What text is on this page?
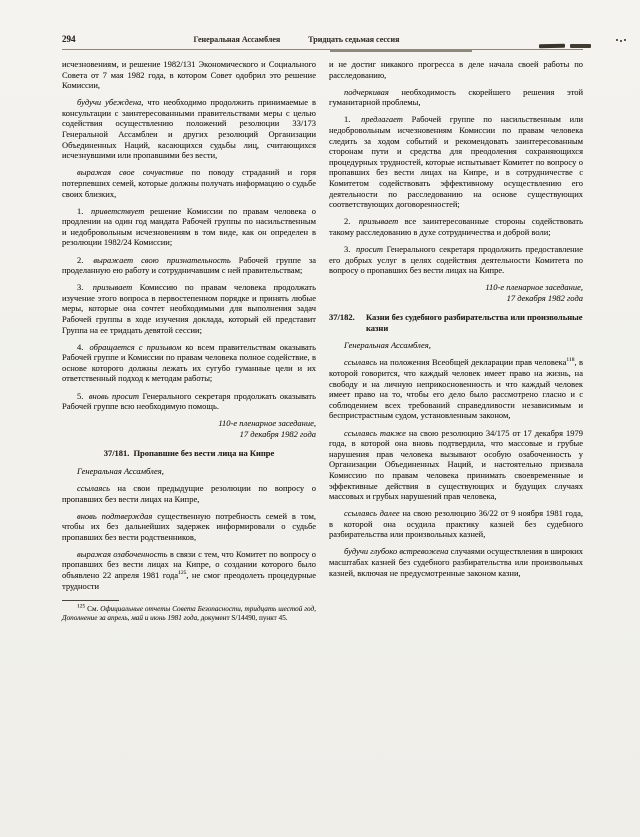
294	Генеральная Ассамблея	Тридцать седьмая сессия

исчезновениям, и решение 1982/131 Экономического и Социального Совета от 7 мая 1982 года, в котором Совет одобрил это решение Комиссии,

будучи убеждена, что необходимо продолжить принимаемые в консультации с заинтересованными правительствами меры с целью содействия осуществлению положений резолюции 33/173 Генеральной Ассамблеи и других резолюций Организации Объединенных Наций, касающихся судьбы лиц, считающихся исчезнувшими или пропавшими без вести,

выражая свое сочувствие по поводу страданий и горя потерпевших семей, которые должны получать информацию о судьбе своих близких,

1. приветствует решение Комиссии по правам человека о продлении на один год мандата Рабочей группы по насильственным и недобровольным исчезновениям в том виде, как он определен в резолюции 1982/24 Комиссии;

2. выражает свою признательность Рабочей группе за проделанную ею работу и сотрудничавшим с ней правительствам;

3. призывает Комиссию по правам человека продолжать изучение этого вопроса в первостепенном порядке и принять любые меры, которые она сочтет необходимыми для выполнения задач Рабочей группы в ходе изучения доклада, который ей представит Группа на ее тридцать девятой сессии;

4. обращается с призывом ко всем правительствам оказывать Рабочей группе и Комиссии по правам человека полное содействие, в основе которого должны лежать их сугубо гуманные цели и их ответственный подход к методам работы;

5. вновь просит Генерального секретаря продолжать оказывать Рабочей группе всю необходимую помощь.

110-е пленарное заседание,
17 декабря 1982 года
37/181. Пропавшие без вести лица на Кипре

Генеральная Ассамблея,

ссылаясь на свои предыдущие резолюции по вопросу о пропавших без вести лицах на Кипре,

вновь подтверждая существенную потребность семей в том, чтобы их без дальнейших задержек информировали о судьбе пропавших без вести родственников,

выражая озабоченность в связи с тем, что Комитет по вопросу о пропавших без вести лицах на Кипре, о создании которого было объявлено 22 апреля 1981 года$^{125}$, не смог преодолеть процедурные трудности

$^{125}$ См. Официальные отчеты Совета Безопасности, тридцать шестой год, Дополнение за апрель, май и июнь 1981 года, документ S/14490, пункт 45.

и не достиг никакого прогресса в деле начала своей работы по расследованию,

подчеркивая необходимость скорейшего решения этой гуманитарной проблемы,

1. предлагает Рабочей группе по насильственным или недобровольным исчезновениям Комиссии по правам человека следить за ходом событий и рекомендовать заинтересованным сторонам пути и средства для преодоления сохраняющихся процедурных трудностей, которые испытывает Комитет по вопросу о пропавших без вести лицах на Кипре, и в сотрудничестве с Комитетом содействовать эффективному осуществлению его деятельности по расследованию на основе существующих соответствующих договоренностей;

2. призывает все заинтересованные стороны содействовать такому расследованию в духе сотрудничества и доброй воли;

3. просит Генерального секретаря продолжить предоставление его добрых услуг в целях содействия деятельности Комитета по вопросу о пропавших без вести лицах на Кипре.

110-е пленарное заседание,
17 декабря 1982 года
37/182.	Казни без судебного разбирательства или произвольные казни

Генеральная Ассамблея,

ссылаясь на положения Всеобщей декларации прав человека$^{118}$, в которой говорится, что каждый человек имеет право на жизнь, на свободу и на личную неприкосновенность и что каждый человек имеет право на то, чтобы его дело было рассмотрено гласно и с соблюдением всех требований справедливости независимым и беспристрастным судом, установленным законом,

ссылаясь также на свою резолюцию 34/175 от 17 декабря 1979 года, в которой она вновь подтвердила, что массовые и грубые нарушения прав человека вызывают особую озабоченность у Организации Объединенных Наций, и настоятельно призвала Комиссию по правам человека принимать своевременные и эффективные действия в существующих и будущих случаях массовых и грубых нарушений прав человека,

ссылаясь далее на свою резолюцию 36/22 от 9 ноября 1981 года, в которой она осудила практику казней без судебного разбирательства или произвольных казней,

будучи глубоко встревожена случаями осуществления в широких масштабах казней без судебного разбирательства или произвольных казней, включая не предусмотренные законом казни,
